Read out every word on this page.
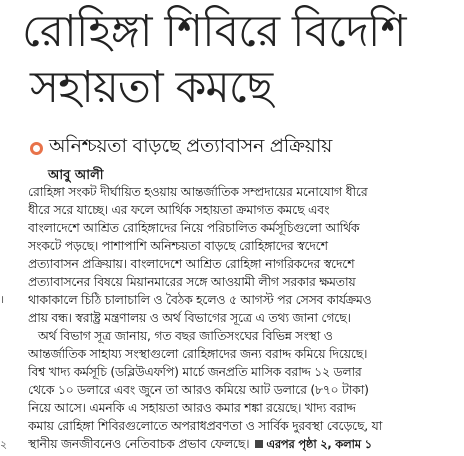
রোহিঙ্গা শিবিরে বিদেশি
সহায়তা কমছে
অনিশ্চয়তা বাড়ছে প্রত্যাবাসন প্রক্রিয়ায়
আবু আলী
।
২
রোহিঙ্গা সংকট দীর্ঘায়িত হওয়ায় আন্তর্জাতিক সম্প্রদায়ের মনোযোগ ধীরে
ধীরে সরে যাচ্ছে। এর ফলে আর্থিক সহায়তা ক্রমাগত কমছে এবং
বাংলাদেশে আশ্রিত রোহিঙ্গাদের নিয়ে পরিচালিত কর্মসূচিগুলো আর্থিক
সংকটে পড়ছে। পাশাপাশি অনিশ্চয়তা বাড়ছে রোহিঙ্গাদের স্বদেশে
প্রত্যাবাসন প্রক্রিয়ায়। বাংলাদেশে আশ্রিত রোহিঙ্গা নাগরিকদের স্বদেশে
প্রত্যাবাসনের বিষয়ে মিয়ানমারের সঙ্গে আওয়ামী লীগ সরকার ক্ষমতায়
থাকাকালে চিঠি চালাচালি ও বৈঠক হলেও ৫ আগস্ট পর সেসব কার্যক্রমও
প্রায় বন্ধ। স্বরাষ্ট্র মন্ত্রণালয় ও অর্থ বিভাগের সূত্রে এ তথ্য জানা গেছে।
অর্থ বিভাগ সূত্র জানায়, গত বছর জাতিসংঘের বিভিন্ন সংস্থা ও
আন্তর্জাতিক সাহায্য সংস্থাগুলো রোহিঙ্গাদের জন্য বরাদ্দ কমিয়ে দিয়েছে।
বিশ্ব খাদ্য কর্মসূচি (ডব্লিউএফপি) মার্চে জনপ্রতি মাসিক বরাদ্দ ১২ ডলার
থেকে ১০ ডলারে এবং জুনে তা আরও কমিয়ে আট ডলারে (৮৭০ টাকা)
নিয়ে আসে। এমনকি এ সহায়তা আরও কমার শঙ্কা রয়েছে। খাদ্য বরাদ্দ
কমায় রোহিঙ্গা শিবিরগুলোতে অপরাধপ্রবণতা ও সার্বিক দুরবস্থা বেড়েছে, যা
স্থানীয় জনজীবনেও নেতিবাচক প্রভাব ফেলছে। এরপর পৃষ্ঠা ২, কলাম ১
